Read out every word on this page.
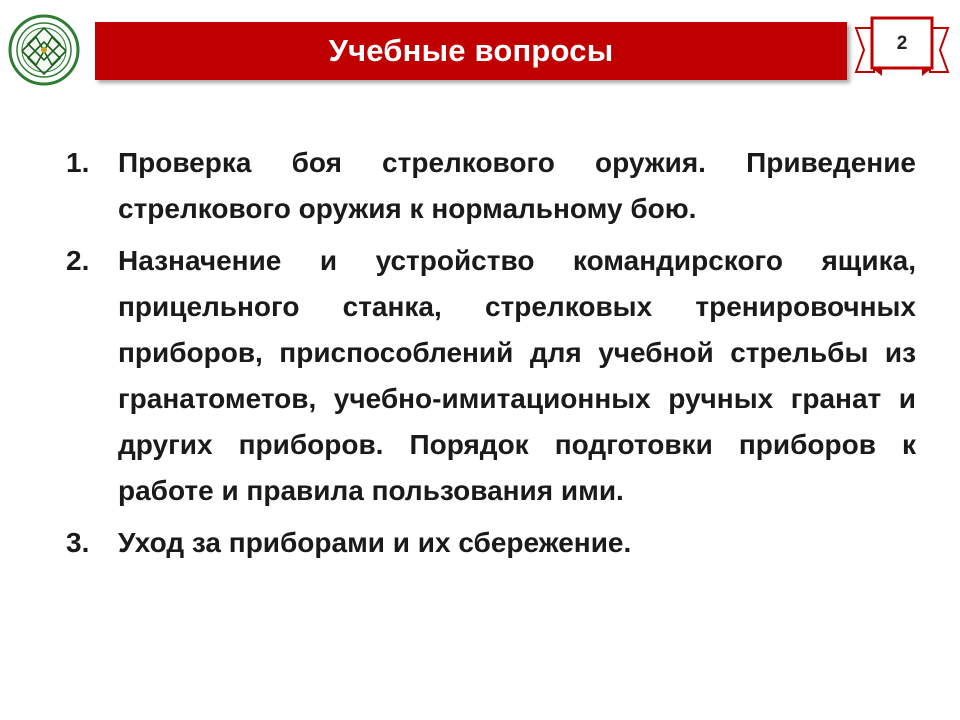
Учебные вопросы	2
1.	Проверка боя стрелкового оружия. Приведение стрелкового оружия к нормальному бою.
2.	Назначение и устройство командирского ящика, прицельного станка, стрелковых тренировочных приборов, приспособлений для учебной стрельбы из гранатометов, учебно-имитационных ручных гранат и других приборов. Порядок подготовки приборов к работе и правила пользования ими.
3.	Уход за приборами и их сбережение.
